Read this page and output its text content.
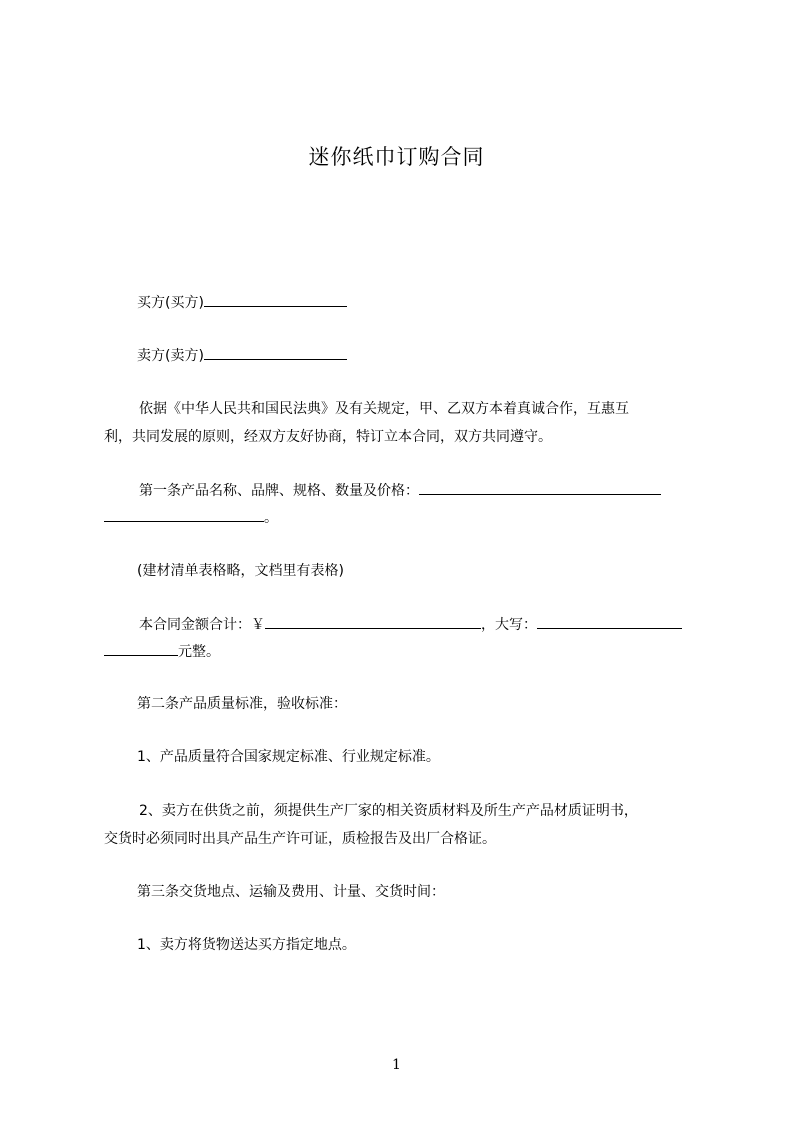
迷你纸巾订购合同
买方(买方)
卖方(卖方)
依据《中华人民共和国民法典》及有关规定，甲、乙双方本着真诚合作，互惠互
利，共同发展的原则，经双方友好协商，特订立本合同，双方共同遵守。
第一条产品名称、品牌、规格、数量及价格：
。
(建材清单表格略，文档里有表格)
本合同金额合计：￥	，大写：
元整。
第二条产品质量标准，验收标准：
1、产品质量符合国家规定标准、行业规定标准。
2、卖方在供货之前，须提供生产厂家的相关资质材料及所生产产品材质证明书，
交货时必须同时出具产品生产许可证，质检报告及出厂合格证。
第三条交货地点、运输及费用、计量、交货时间：
1、卖方将货物送达买方指定地点。
1
